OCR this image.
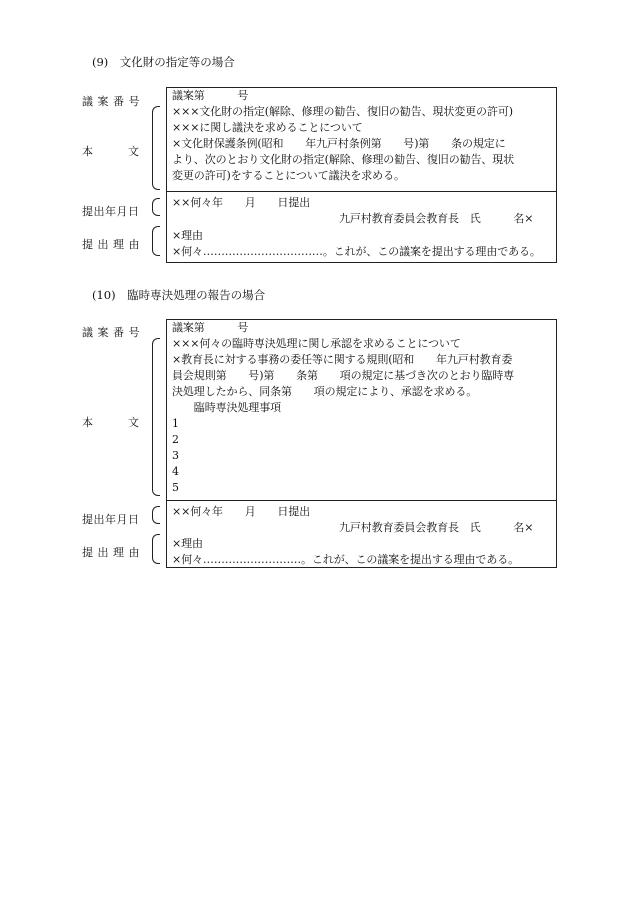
(9)　文化財の指定等の場合
議 案 番 号
本　　　文
提出年月日
提 出 理 由
議案第　　　号
×××文化財の指定(解除、修理の勧告、復旧の勧告、現状変更の許可)
×××に関し議決を求めることについて
×文化財保護条例(昭和　　年九戸村条例第　　号)第　　条の規定に
より、次のとおり文化財の指定(解除、修理の勧告、復旧の勧告、現状
変更の許可)をすることについて議決を求める。
××何々年　　月　　日提出
九戸村教育委員会教育長　氏　　　名×
×理由
×何々……………………………。これが、この議案を提出する理由である。
(10)　臨時専決処理の報告の場合
議 案 番 号
本　　　文
提出年月日
提 出 理 由
議案第　　　号
×××何々の臨時専決処理に関し承認を求めることについて
×教育長に対する事務の委任等に関する規則(昭和　　年九戸村教育委
員会規則第　　号)第　　条第　　項の規定に基づき次のとおり臨時専
決処理したから、同条第　　項の規定により、承認を求める。
　　臨時専決処理事項
1
2
3
4
5
××何々年　　月　　日提出
九戸村教育委員会教育長　氏　　　名×
×理由
×何々………………………。これが、この議案を提出する理由である。
